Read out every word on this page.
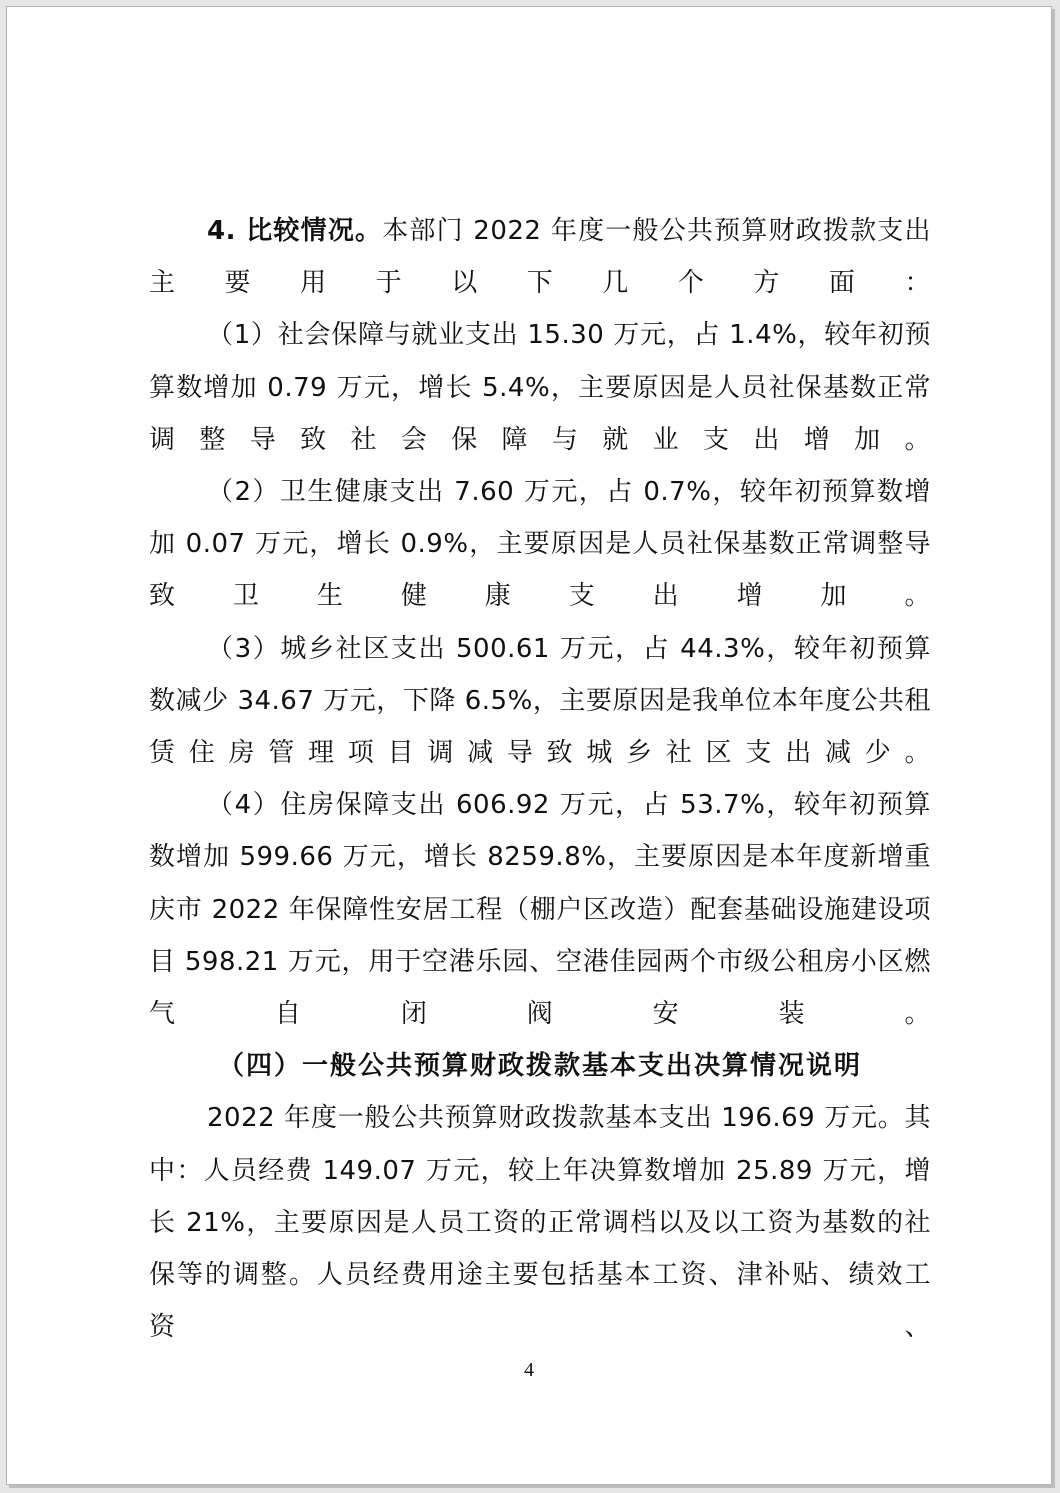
4. 比较情况。本部门 2022 年度一般公共预算财政拨款支出主要用于以下几个方面：

（1）社会保障与就业支出 15.30 万元，占 1.4%，较年初预算数增加 0.79 万元，增长 5.4%，主要原因是人员社保基数正常调整导致社会保障与就业支出增加。

（2）卫生健康支出 7.60 万元，占 0.7%，较年初预算数增加 0.07 万元，增长 0.9%，主要原因是人员社保基数正常调整导致卫生健康支出增加。

（3）城乡社区支出 500.61 万元，占 44.3%，较年初预算数减少 34.67 万元，下降 6.5%，主要原因是我单位本年度公共租赁住房管理项目调减导致城乡社区支出减少。

（4）住房保障支出 606.92 万元，占 53.7%，较年初预算数增加 599.66 万元，增长 8259.8%，主要原因是本年度新增重庆市 2022 年保障性安居工程（棚户区改造）配套基础设施建设项目 598.21 万元，用于空港乐园、空港佳园两个市级公租房小区燃气自闭阀安装。

（四）一般公共预算财政拨款基本支出决算情况说明

2022 年度一般公共预算财政拨款基本支出 196.69 万元。其中：人员经费 149.07 万元，较上年决算数增加 25.89 万元，增长 21%，主要原因是人员工资的正常调档以及以工资为基数的社保等的调整。人员经费用途主要包括基本工资、津补贴、绩效工资、

4
